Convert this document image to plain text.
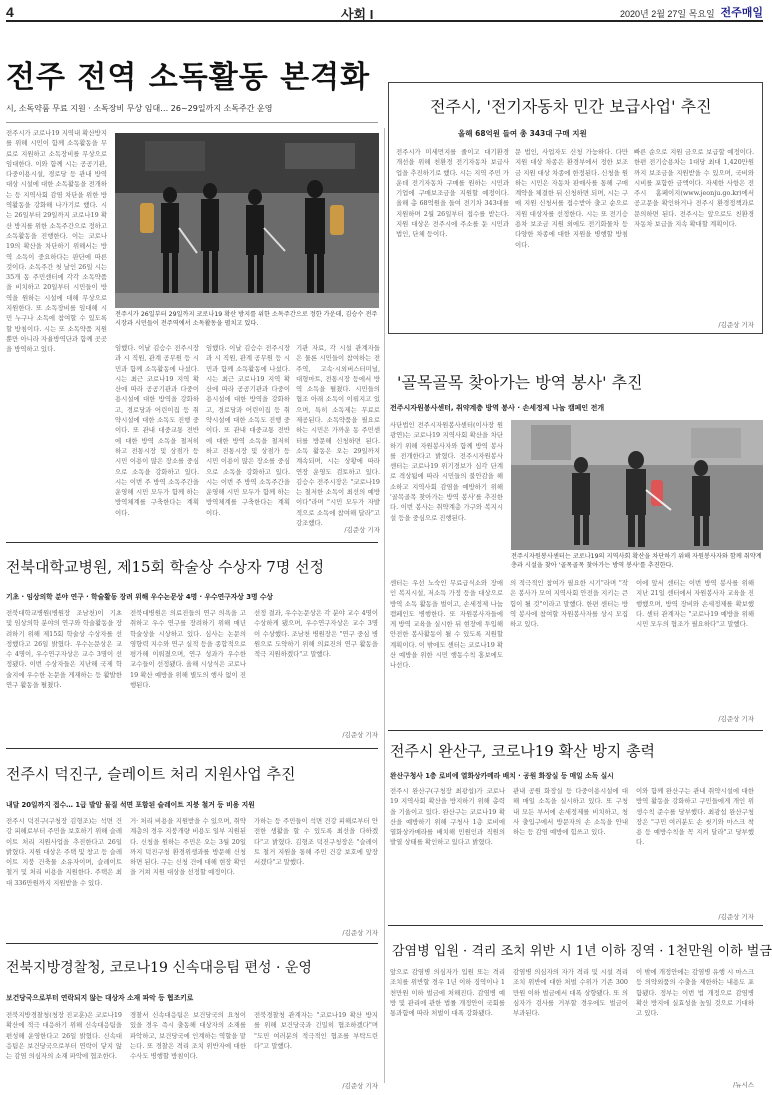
4	사회 I	2020년 2월 27일 목요일 전주매일
전주 전역 소독활동 본격화
시, 소독약품 무료 지원 · 소독장비 무상 임대… 26~29일까지 소독주간 운영
전주시가 코로나19 지역내 확산방지를 위해 시민이 함께 소독활동을 무료로 지원하고 소독장비를 무상으로 임대한다. 이와 함께 시는 공공기관, 다중이용시설, 경로당 등 관내 방역 대상 시설에 대한 소독활동을 전개하는 등 지역사회 감염 차단을 위한 방역활동을 강화해 나가기로 했다. 시는 26일부터 29일까지 코로나19 확산 방지를 위한 소독주간으로 정하고 소독활동을 진행한다. 이는 코로나19의 확산을 차단하기 위해서는 방역 소독이 중요하다는 판단에 따른 것이다. 소독주간 첫 날인 26일 시는 35개 동 주민센터에 각각 소독약품을 비치하고 20일부터 시민들이 방역을 원하는 시설에 대해 무상으로 지원한다. 또 소독장비를 임대해 시민 누구나 소독에 참여할 수 있도록 할 방침이다. 시는 또 소독약품 지원 뿐만 아니라 자율방역단과 함께 곳곳을 방역하고 있다.
전주시가 26일부터 29일까지 코로나19 확산 방지를 위한 소독주간으로 정한 가운데, 김승수 전주시장과 시민들이 전주역에서 소독활동을 펼치고 있다.
임했다. 이날 김승수 전주시장과 시 직원, 관계 공무원 등 시민과 함께 소독활동에 나섰다. 시는 최근 코로나19 지역 확산에 따라 공공기관과 다중이용시설에 대한 방역을 강화하고, 경로당과 어린이집 등 취약시설에 대한 소독도 진행 중이다. 또 관내 대중교통 전반에 대한 방역 소독을 철저히 하고 전통시장 및 상점가 등 시민 이용이 많은 장소를 중심으로 소독을 강화하고 있다. 시는 이번 주 방역 소독주간을 운영해 시민 모두가 함께 하는 방역체계를 구축한다는 계획이다.
임했다. 이날 김승수 전주시장과 시 직원, 관계 공무원 등 시민과 함께 소독활동에 나섰다. 시는 최근 코로나19 지역 확산에 따라 공공기관과 다중이용시설에 대한 방역을 강화하고, 경로당과 어린이집 등 취약시설에 대한 소독도 진행 중이다. 또 관내 대중교통 전반에 대한 방역 소독을 철저히 하고 전통시장 및 상점가 등 시민 이용이 많은 장소를 중심으로 소독을 강화하고 있다. 시는 이번 주 방역 소독주간을 운영해 시민 모두가 함께 하는 방역체계를 구축한다는 계획이다.
기관 자료, 각 시설 관계자들은 물론 시민들이 참여하는 전주역, 고속·시외버스터미널, 대형마트, 전통시장 등에서 방역 소독을 펼쳤다. 시민들의 협조 아래 소독이 이뤄지고 있으며, 특히 소독제는 무료로 제공된다. 소독약품을 필요로 하는 시민은 가까운 동 주민센터를 방문해 신청하면 된다. 소독 활동은 오는 29일까지 계속되며, 시는 상황에 따라 연장 운영도 검토하고 있다. 김승수 전주시장은 "코로나19는 철저한 소독이 최선의 예방이다"라며 "시민 모두가 자발적으로 소독에 참여해 달라"고 강조했다.
/김준상 기자
전주시, '전기자동차 민간 보급사업' 추진
올해 68억원 들여 총 343대 구매 지원
전주시가 미세먼지를 줄이고 대기환경 개선을 위해 친환경 전기자동차 보급사업을 추진하기로 했다. 시는 지역 주민 가운데 전기자동차 구매를 원하는 시민과 기업에 구매보조금을 지원할 예정이다. 올해 총 68억원을 들여 전기차 343대를 지원하며 2월 26일부터 접수를 받는다. 지원 대상은 전주시에 주소를 둔 시민과 법인, 단체 등이다.
문 법인, 사업자도 신청 가능하다. 다만 지원 대상 차종은 환경부에서 정한 보조금 지원 대상 차종에 한정된다. 신청을 원하는 시민은 자동차 판매사를 통해 구매계약을 체결한 뒤 신청하면 되며, 시는 구매 지원 신청서를 접수받아 출고 순으로 지원 대상자를 선정한다. 시는 또 전기승용차 보조금 지원 외에도 전기화물차 등 다양한 차종에 대한 지원을 병행할 방침이다.
빠른 순으로 지원 금으로 보급할 예정이다. 한편 전기승용차는 1대당 최대 1,420만원까지 보조금을 지원받을 수 있으며, 국비와 시비를 포함한 금액이다. 자세한 사항은 전주시 홈페이지(www.jeonju.go.kr)에서 공고문을 확인하거나 전주시 환경정책과로 문의하면 된다. 전주시는 앞으로도 친환경 자동차 보급을 지속 확대할 계획이다.
/김준상 기자
'골목골목 찾아가는 방역 봉사' 추진
전주시자원봉사센터, 취약계층 방역 봉사 · 손세정제 나눔 캠페인 전개
사단법인 전주시자원봉사센터(이사장 원광연)는 코로나19 지역사회 확산을 차단하기 위해 자원봉사자와 함께 방역 봉사를 전개한다고 밝혔다. 전주시자원봉사센터는 코로나19 위기경보가 심각 단계로 격상됨에 따라 시민들의 불안감을 해소하고 지역사회 감염을 예방하기 위해 '골목골목 찾아가는 방역 봉사'를 추진한다. 이번 봉사는 취약계층 가구와 복지시설 등을 중심으로 진행된다.
전주시자원봉사센터는 코로나19의 지역사회 확산을 차단하기 위해 자원봉사자와 함께 취약계층과 시설을 찾아 '골목골목 찾아가는 방역 봉사'를 추진한다.
센터는 우선 노숙인 무료급식소와 장애인 복지시설, 저소득 가정 등을 대상으로 방역 소독 활동을 벌이고, 손세정제 나눔 캠페인도 병행한다. 또 자원봉사자들에게 방역 교육을 실시한 뒤 현장에 투입해 안전한 봉사활동이 될 수 있도록 지원할 계획이다. 이 밖에도 센터는 코로나19 확산 예방을 위한 시민 행동수칙 홍보에도 나선다.
의 적극적인 참여가 필요한 시기"라며 "작은 봉사가 모여 지역사회 안전을 지키는 큰 힘이 될 것"이라고 말했다. 한편 센터는 방역 봉사에 참여할 자원봉사자를 상시 모집하고 있다.
이에 앞서 센터는 이번 방역 봉사를 위해 지난 21일 센터에서 자원봉사자 교육을 진행했으며, 방역 장비와 손세정제를 확보했다. 센터 관계자는 "코로나19 예방을 위해 시민 모두의 협조가 필요하다"고 말했다.
/김준상 기자
전북대학교병원, 제15회 학술상 수상자 7명 선정
기초 · 임상의학 분야 연구 · 학술활동 장려 위해 우수논문상 4명 · 우수연구자상 3명 수상
전북대학교병원(병원장 조남천)이 기초 및 임상의학 분야의 연구와 학술활동을 장려하기 위해 제15회 학술상 수상자를 선정했다고 26일 밝혔다. 우수논문상은 교수 4명이, 우수연구자상은 교수 3명이 선정됐다. 이번 수상자들은 지난해 국제 학술지에 우수한 논문을 게재하는 등 활발한 연구 활동을 펼쳤다.
전북대병원은 의료진들의 연구 의욕을 고취하고 우수 연구를 장려하기 위해 매년 학술상을 시상하고 있다. 심사는 논문의 영향력 지수와 연구 실적 등을 종합적으로 평가해 이뤄졌으며, 연구 성과가 우수한 교수들이 선정됐다. 올해 시상식은 코로나19 확산 예방을 위해 별도의 행사 없이 진행된다.
선정 결과, 우수논문상은 각 분야 교수 4명이 수상하게 됐으며, 우수연구자상은 교수 3명이 수상했다. 조남천 병원장은 "연구 중심 병원으로 도약하기 위해 의료진의 연구 활동을 적극 지원하겠다"고 말했다.
/김준상 기자
전주시 완산구, 코로나19 확산 방지 총력
완산구청사 1층 로비에 열화상카메라 배치 · 공원 화장실 등 매일 소독 실시
전주시 완산구(구청장 최광섭)가 코로나19 지역사회 확산을 방지하기 위해 총력을 기울이고 있다. 완산구는 코로나19 확산을 예방하기 위해 구청사 1층 로비에 열화상카메라를 배치해 민원인과 직원의 발열 상태를 확인하고 있다고 밝혔다.
관내 공원 화장실 등 다중이용시설에 대해 매일 소독을 실시하고 있다. 또 구청 내 모든 부서에 손세정제를 비치하고, 청사 출입구에서 방문자의 손 소독을 안내하는 등 감염 예방에 힘쓰고 있다.
이와 함께 완산구는 관내 취약시설에 대한 방역 활동을 강화하고 구민들에게 개인 위생수칙 준수를 당부했다. 최광섭 완산구청장은 "구민 여러분도 손 씻기와 마스크 착용 등 예방수칙을 꼭 지켜 달라"고 당부했다.
/김준상 기자
전주시 덕진구, 슬레이트 처리 지원사업 추진
내달 20일까지 접수… 1급 발암 물질 석면 포함된 슬레이트 지붕 철거 등 비용 지원
전주시 덕진구(구청장 김형조)는 석면 건강 피해로부터 주민을 보호하기 위해 슬레이트 처리 지원사업을 추진한다고 26일 밝혔다. 지원 대상은 주택 및 창고 등 슬레이트 지붕 건축물 소유자이며, 슬레이트 철거 및 처리 비용을 지원한다. 주택은 최대 336만원까지 지원받을 수 있다.
거· 처리 비용을 지원받을 수 있으며, 취약계층의 경우 지붕개량 비용도 일부 지원된다. 신청을 원하는 주민은 오는 3월 20일까지 덕진구청 환경위생과를 방문해 신청하면 된다. 구는 신청 건에 대해 현장 확인을 거쳐 지원 대상을 선정할 예정이다.
가하는 등 주민들이 석면 건강 피해로부터 안전한 생활을 할 수 있도록 최선을 다하겠다"고 밝혔다. 김형조 덕진구청장은 "슬레이트 철거 지원을 통해 주민 건강 보호에 앞장서겠다"고 말했다.
/김준상 기자
감염병 입원 · 격리 조치 위반 시 1년 이하 징역 · 1천만원 이하 벌금
앞으로 감염병 의심자가 입원 또는 격리 조치를 위반할 경우 1년 이하 징역이나 1천만원 이하 벌금에 처해진다. 감염병 예방 및 관리에 관한 법률 개정안이 국회를 통과함에 따라 처벌이 대폭 강화됐다.
감염병 의심자의 자가 격리 및 시설 격리 조치 위반에 대한 처벌 수위가 기존 300만원 이하 벌금에서 대폭 상향됐다. 또 의심자가 검사를 거부할 경우에도 벌금이 부과된다.
이 밖에 개정안에는 감염병 유행 시 마스크 등 의약외품의 수출을 제한하는 내용도 포함됐다. 정부는 이번 법 개정으로 감염병 확산 방지에 실효성을 높일 것으로 기대하고 있다.
/뉴시스
전북지방경찰청, 코로나19 신속대응팀 편성 · 운영
보건당국으로부터 연락되지 않는 대상자 소재 파악 등 협조키로
전북지방경찰청(청장 진교훈)은 코로나19 확산에 적극 대응하기 위해 신속대응팀을 편성해 운영한다고 26일 밝혔다. 신속대응팀은 보건당국으로부터 연락이 닿지 않는 감염 의심자의 소재 파악에 협조한다.
경찰서 신속대응팀은 보건당국의 요청이 있을 경우 즉시 출동해 대상자의 소재를 파악하고, 보건당국에 인계하는 역할을 맡는다. 또 경찰은 격리 조치 위반자에 대한 수사도 병행할 방침이다.
전북경찰청 관계자는 "코로나19 확산 방지를 위해 보건당국과 긴밀히 협조하겠다"며 "도민 여러분의 적극적인 협조를 부탁드린다"고 말했다.
/김준상 기자
